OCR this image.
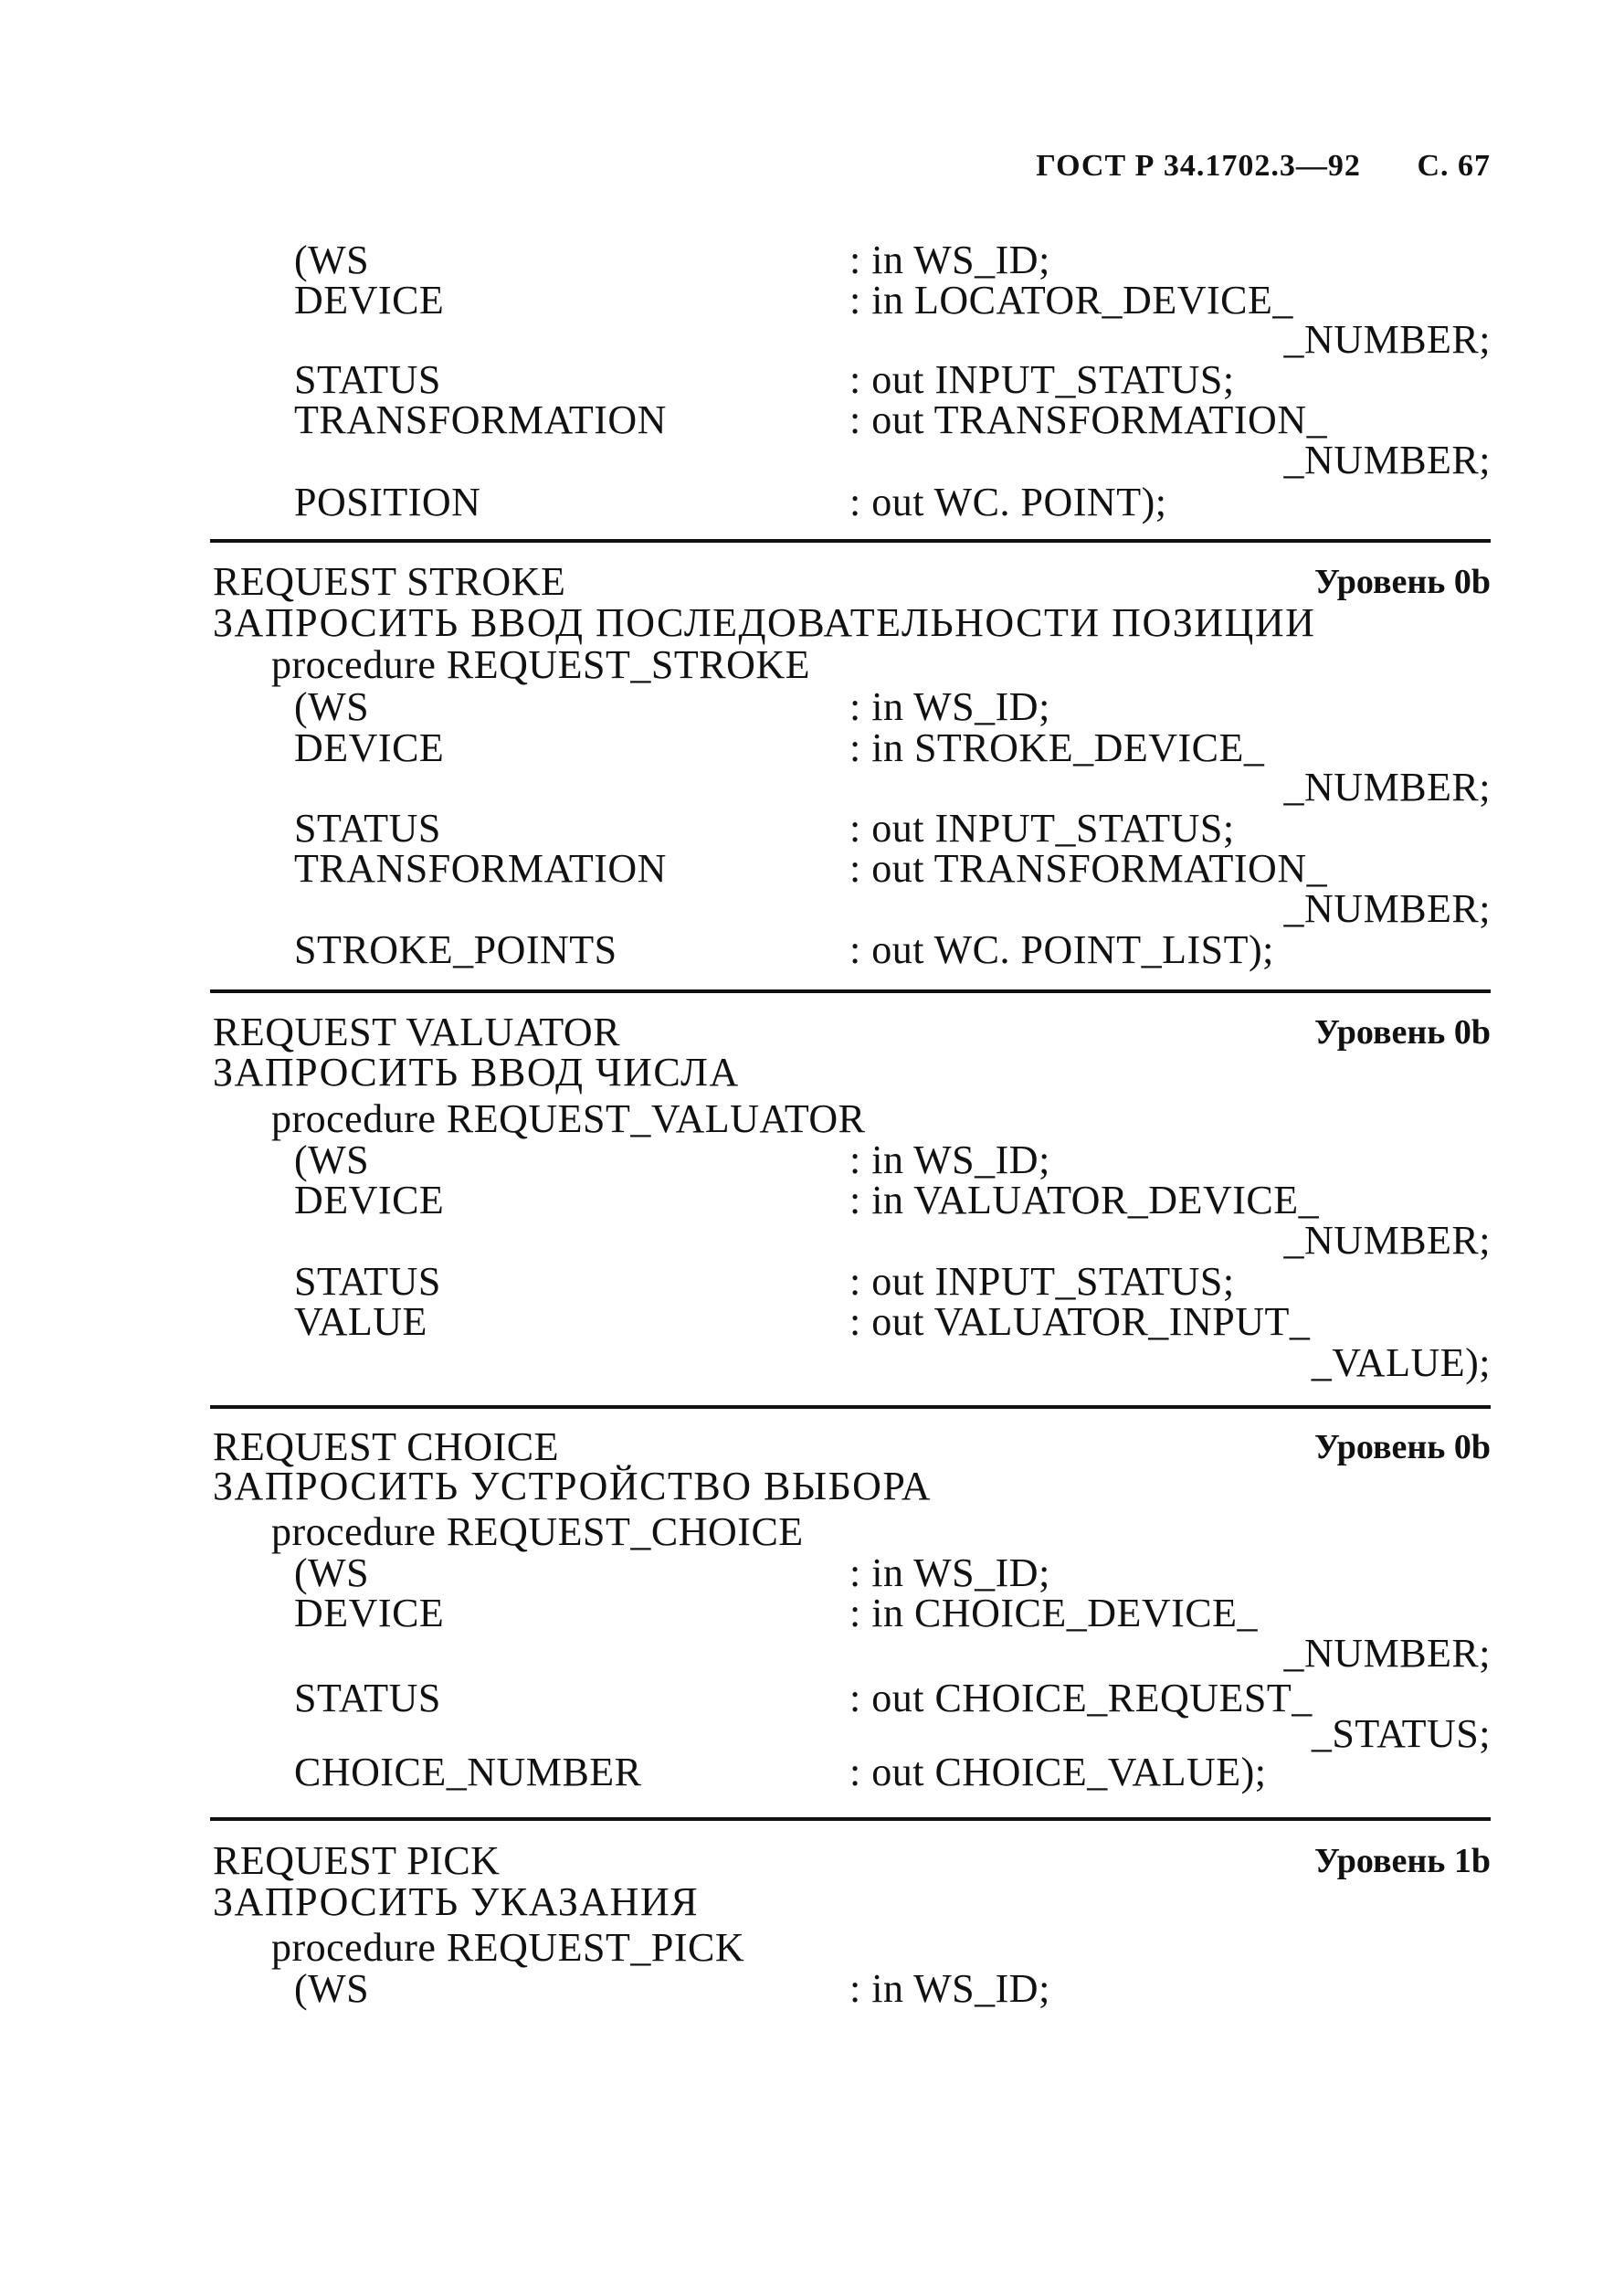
ГОСТ Р 34.1702.3—92 С. 67
(WS	: in WS_ID;
DEVICE	: in LOCATOR_DEVICE_
_NUMBER;
STATUS	: out INPUT_STATUS;
TRANSFORMATION	: out TRANSFORMATION_
_NUMBER;
POSITION	: out WC. POINT);
REQUEST STROKE	Уровень 0b
ЗАПРОСИТЬ ВВОД ПОСЛЕДОВАТЕЛЬНОСТИ ПОЗИЦИИ
procedure REQUEST_STROKE
(WS	: in WS_ID;
DEVICE	: in STROKE_DEVICE_
_NUMBER;
STATUS	: out INPUT_STATUS;
TRANSFORMATION	: out TRANSFORMATION_
_NUMBER;
STROKE_POINTS	: out WC. POINT_LIST);
REQUEST VALUATOR	Уровень 0b
ЗАПРОСИТЬ ВВОД ЧИСЛА
procedure REQUEST_VALUATOR
(WS	: in WS_ID;
DEVICE	: in VALUATOR_DEVICE_
_NUMBER;
STATUS	: out INPUT_STATUS;
VALUE	: out VALUATOR_INPUT_
_VALUE);
REQUEST CHOICE	Уровень 0b
ЗАПРОСИТЬ УСТРОЙСТВО ВЫБОРА
procedure REQUEST_CHOICE
(WS	: in WS_ID;
DEVICE	: in CHOICE_DEVICE_
_NUMBER;
STATUS	: out CHOICE_REQUEST_
_STATUS;
CHOICE_NUMBER	: out CHOICE_VALUE);
REQUEST PICK	Уровень 1b
ЗАПРОСИТЬ УКАЗАНИЯ
procedure REQUEST_PICK
(WS	: in WS_ID;
